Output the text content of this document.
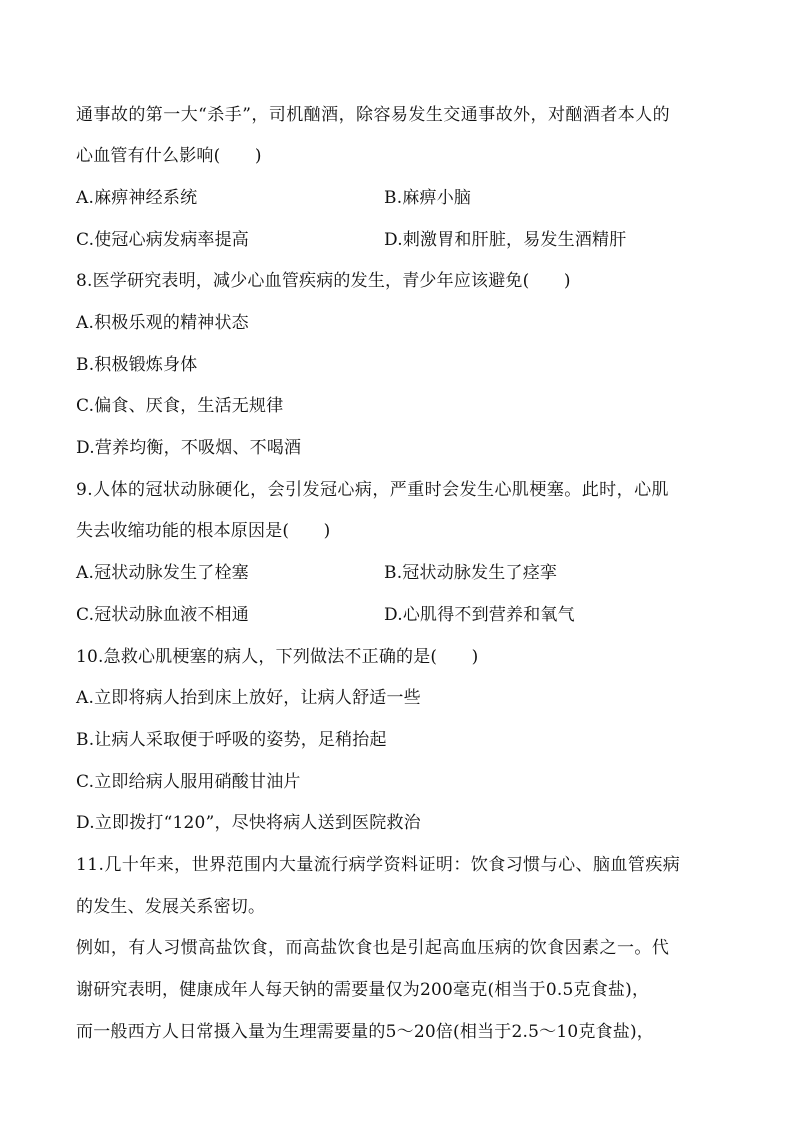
通事故的第一大“杀手”，司机酗酒，除容易发生交通事故外，对酗酒者本人的
心血管有什么影响(　　)
A.麻痹神经系统	B.麻痹小脑
C.使冠心病发病率提高	D.刺激胃和肝脏，易发生酒精肝
8.医学研究表明，减少心血管疾病的发生，青少年应该避免(　　)
A.积极乐观的精神状态
B.积极锻炼身体
C.偏食、厌食，生活无规律
D.营养均衡，不吸烟、不喝酒
9.人体的冠状动脉硬化，会引发冠心病，严重时会发生心肌梗塞。此时，心肌
失去收缩功能的根本原因是(　　)
A.冠状动脉发生了栓塞	B.冠状动脉发生了痉挛
C.冠状动脉血液不相通	D.心肌得不到营养和氧气
10.急救心肌梗塞的病人，下列做法不正确的是(　　)
A.立即将病人抬到床上放好，让病人舒适一些
B.让病人采取便于呼吸的姿势，足稍抬起
C.立即给病人服用硝酸甘油片
D.立即拨打“120”，尽快将病人送到医院救治
11.几十年来，世界范围内大量流行病学资料证明：饮食习惯与心、脑血管疾病
的发生、发展关系密切。
例如，有人习惯高盐饮食，而高盐饮食也是引起高血压病的饮食因素之一。代
谢研究表明，健康成年人每天钠的需要量仅为200毫克(相当于0.5克食盐)，
而一般西方人日常摄入量为生理需要量的5～20倍(相当于2.5～10克食盐)，
